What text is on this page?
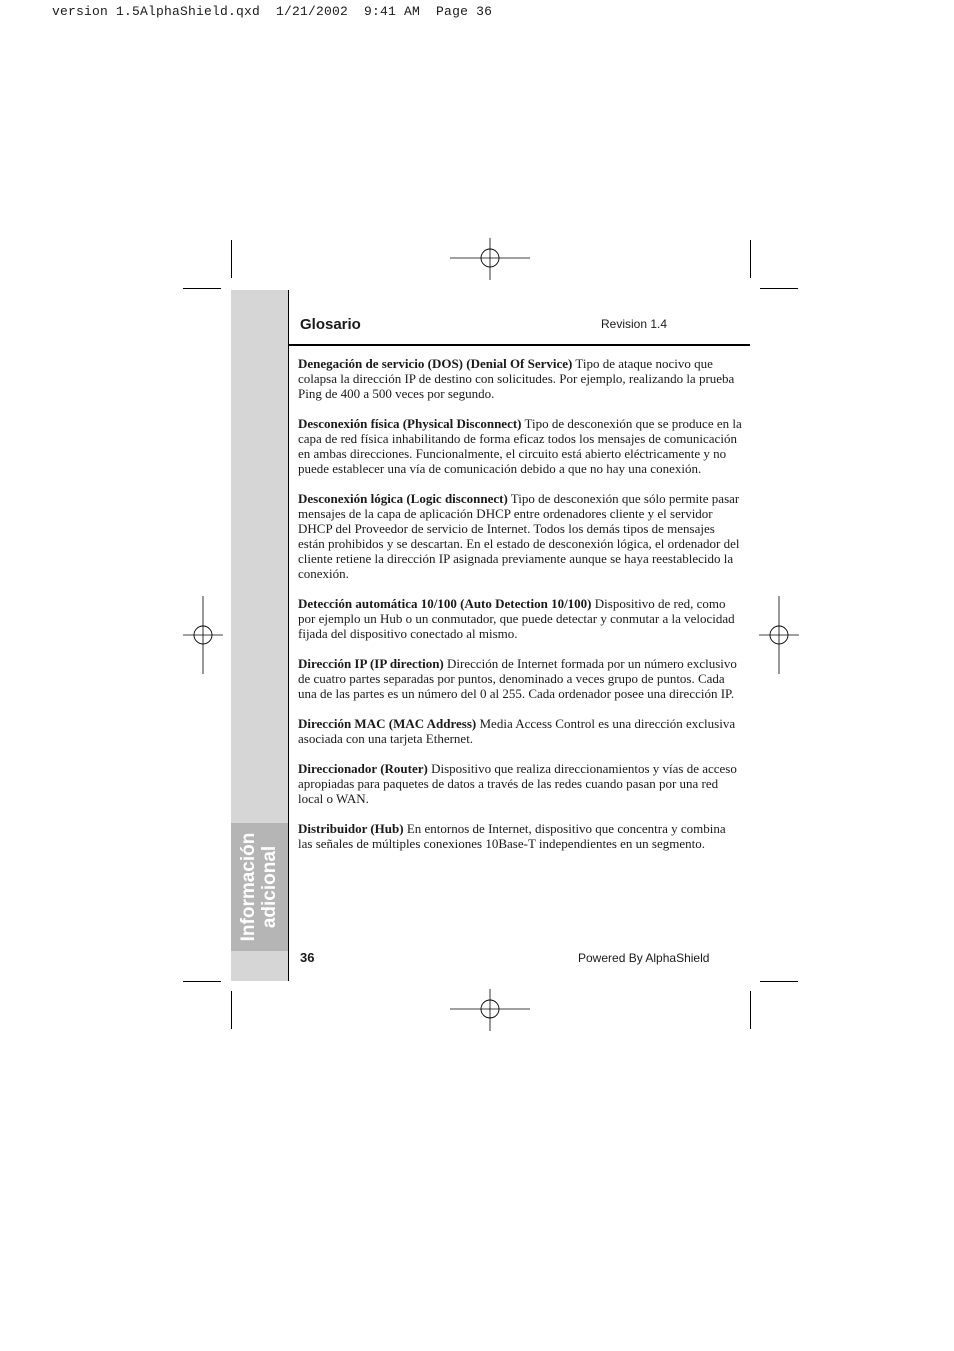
version 1.5AlphaShield.qxd  1/21/2002  9:41 AM  Page 36
Información adicional
Glosario	Revision 1.4

Denegación de servicio (DOS) (Denial Of Service) Tipo de ataque nocivo que colapsa la dirección IP de destino con solicitudes. Por ejemplo, realizando la prueba Ping de 400 a 500 veces por segundo.

Desconexión física (Physical Disconnect) Tipo de desconexión que se produce en la capa de red física inhabilitando de forma eficaz todos los mensajes de comunicación en ambas direcciones. Funcionalmente, el circuito está abierto eléctricamente y no puede establecer una vía de comunicación debido a que no hay una conexión.

Desconexión lógica (Logic disconnect) Tipo de desconexión que sólo permite pasar mensajes de la capa de aplicación DHCP entre ordenadores cliente y el servidor DHCP del Proveedor de servicio de Internet. Todos los demás tipos de mensajes están prohibidos y se descartan. En el estado de desconexión lógica, el ordenador del cliente retiene la dirección IP asignada previamente aunque se haya reestablecido la conexión.

Detección automática 10/100 (Auto Detection 10/100) Dispositivo de red, como por ejemplo un Hub o un conmutador, que puede detectar y conmutar a la velocidad fijada del dispositivo conectado al mismo.

Dirección IP (IP direction) Dirección de Internet formada por un número exclusivo de cuatro partes separadas por puntos, denominado a veces grupo de puntos. Cada una de las partes es un número del 0 al 255. Cada ordenador posee una dirección IP.

Dirección MAC (MAC Address) Media Access Control es una dirección exclusiva asociada con una tarjeta Ethernet.

Direccionador (Router) Dispositivo que realiza direccionamientos y vías de acceso apropiadas para paquetes de datos a través de las redes cuando pasan por una red local o WAN.

Distribuidor (Hub) En entornos de Internet, dispositivo que concentra y combina las señales de múltiples conexiones 10Base-T independientes en un segmento.

36	Powered By AlphaShield
